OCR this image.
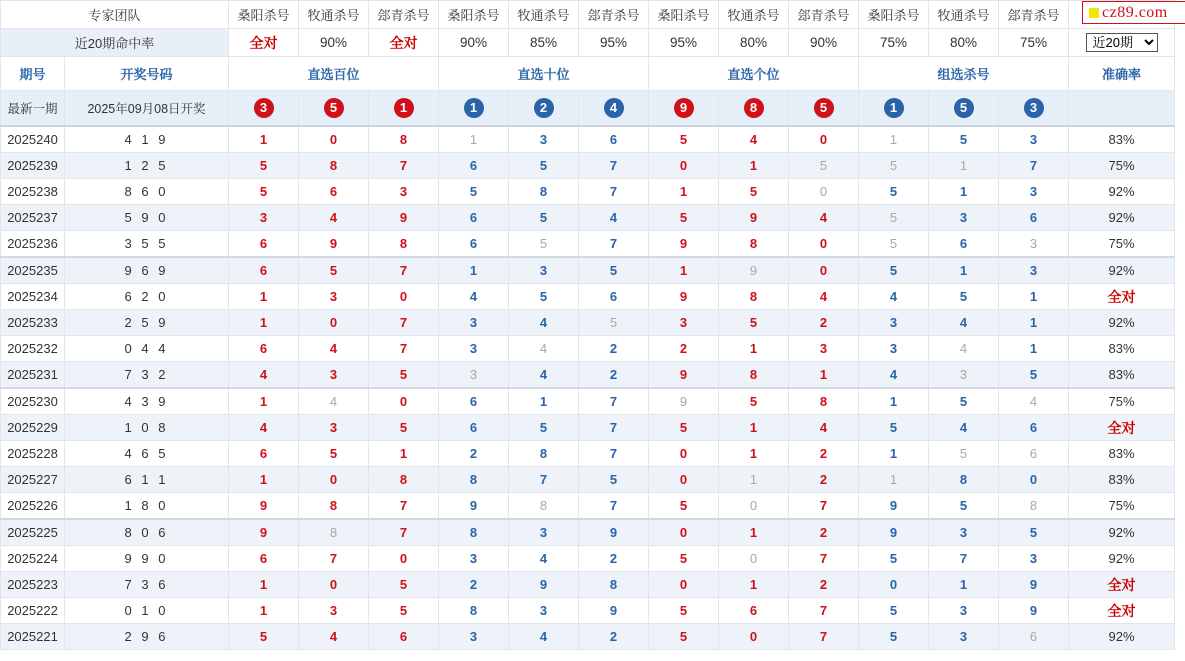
专家团队		桑阳杀号	牧通杀号	郐青杀号	桑阳杀号	牧通杀号	郐青杀号	桑阳杀号	牧通杀号	郐青杀号	桑阳杀号	牧通杀号	郐青杀号	
近20期命中率		全对	90%	全对	90%	85%	95%	95%	80%	90%	75%	80%	75%	
近20期
期号	开奖号码	直选百位			直选十位			直选个位			组选杀号			准确率
最新一期	2025年09月08日开奖	3	5	1	1	2	4	9	8	5	1	5	3	
2025240	4 1 9	1	0	8	1	3	6	5	4	0	1	5	3	83%
2025239	1 2 5	5	8	7	6	5	7	0	1	5	5	1	7	75%
2025238	8 6 0	5	6	3	5	8	7	1	5	0	5	1	3	92%
2025237	5 9 0	3	4	9	6	5	4	5	9	4	5	3	6	92%
2025236	3 5 5	6	9	8	6	5	7	9	8	0	5	6	3	75%
2025235	9 6 9	6	5	7	1	3	5	1	9	0	5	1	3	92%
2025234	6 2 0	1	3	0	4	5	6	9	8	4	4	5	1	全对
2025233	2 5 9	1	0	7	3	4	5	3	5	2	3	4	1	92%
2025232	0 4 4	6	4	7	3	4	2	2	1	3	3	4	1	83%
2025231	7 3 2	4	3	5	3	4	2	9	8	1	4	3	5	83%
2025230	4 3 9	1	4	0	6	1	7	9	5	8	1	5	4	75%
2025229	1 0 8	4	3	5	6	5	7	5	1	4	5	4	6	全对
2025228	4 6 5	6	5	1	2	8	7	0	1	2	1	5	6	83%
2025227	6 1 1	1	0	8	8	7	5	0	1	2	1	8	0	83%
2025226	1 8 0	9	8	7	9	8	7	5	0	7	9	5	8	75%
2025225	8 0 6	9	8	7	8	3	9	0	1	2	9	3	5	92%
2025224	9 9 0	6	7	0	3	4	2	5	0	7	5	7	3	92%
2025223	7 3 6	1	0	5	2	9	8	0	1	2	0	1	9	全对
2025222	0 1 0	1	3	5	8	3	9	5	6	7	5	3	9	全对
2025221	2 9 6	5	4	6	3	4	2	5	0	7	5	3	6	92%
cz89.com
